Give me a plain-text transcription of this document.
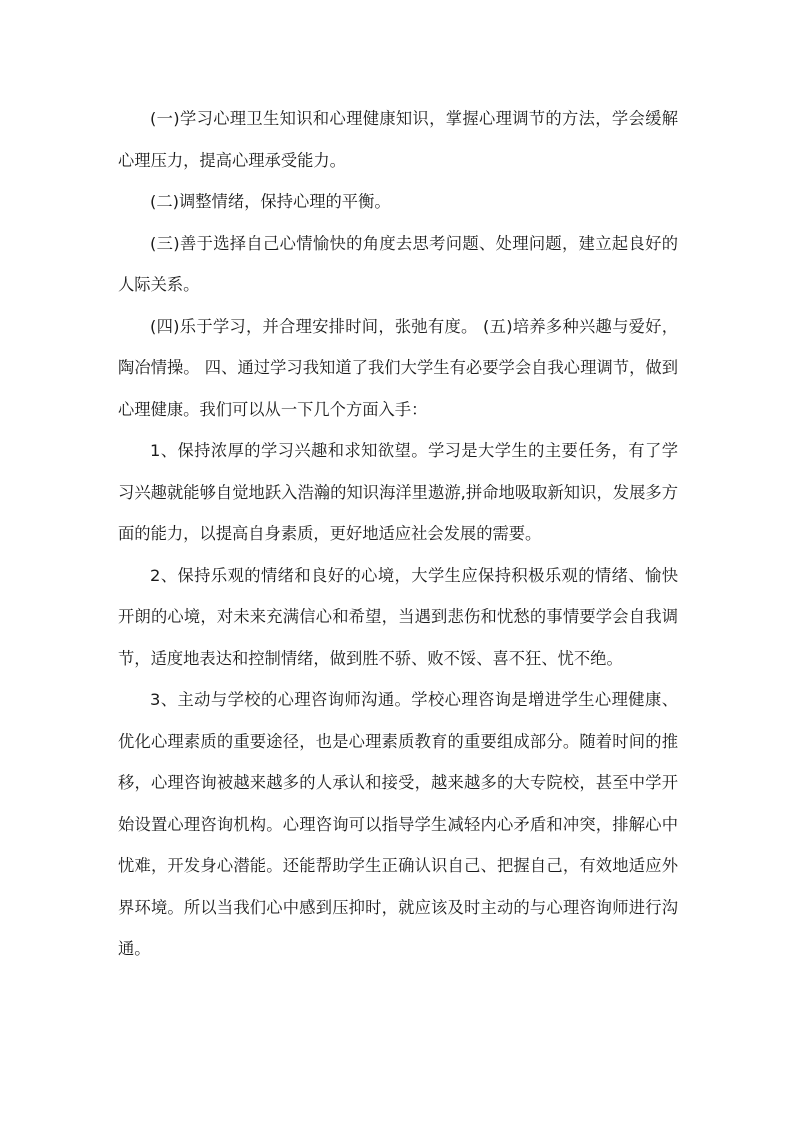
(一)学习心理卫生知识和心理健康知识，掌握心理调节的方法，学会缓解心理压力，提高心理承受能力。

(二)调整情绪，保持心理的平衡。

(三)善于选择自己心情愉快的角度去思考问题、处理问题，建立起良好的人际关系。

(四)乐于学习，并合理安排时间，张弛有度。 (五)培养多种兴趣与爱好，陶冶情操。 四、通过学习我知道了我们大学生有必要学会自我心理调节，做到心理健康。我们可以从一下几个方面入手：

1、保持浓厚的学习兴趣和求知欲望。学习是大学生的主要任务，有了学习兴趣就能够自觉地跃入浩瀚的知识海洋里遨游,拼命地吸取新知识，发展多方面的能力，以提高自身素质，更好地适应社会发展的需要。

2、保持乐观的情绪和良好的心境，大学生应保持积极乐观的情绪、愉快开朗的心境，对未来充满信心和希望，当遇到悲伤和忧愁的事情要学会自我调节，适度地表达和控制情绪，做到胜不骄、败不馁、喜不狂、忧不绝。

3、主动与学校的心理咨询师沟通。学校心理咨询是增进学生心理健康、优化心理素质的重要途径，也是心理素质教育的重要组成部分。随着时间的推移，心理咨询被越来越多的人承认和接受，越来越多的大专院校，甚至中学开始设置心理咨询机构。心理咨询可以指导学生减轻内心矛盾和冲突，排解心中忧难，开发身心潜能。还能帮助学生正确认识自己、把握自己，有效地适应外界环境。所以当我们心中感到压抑时，就应该及时主动的与心理咨询师进行沟通。
